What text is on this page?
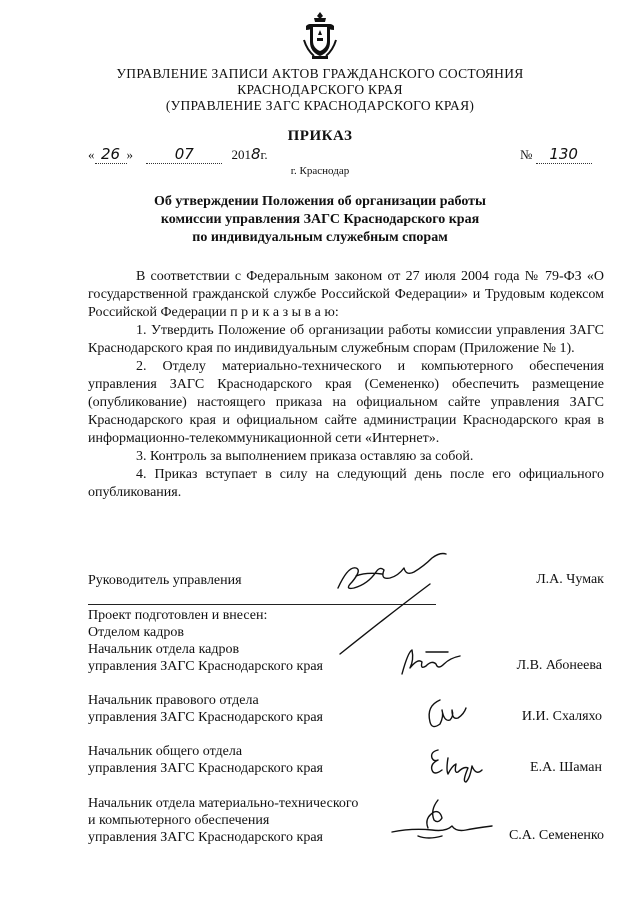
УПРАВЛЕНИЕ ЗАПИСИ АКТОВ ГРАЖДАНСКОГО СОСТОЯНИЯ
КРАСНОДАРСКОГО КРАЯ
(УПРАВЛЕНИЕ ЗАГС КРАСНОДАРСКОГО КРАЯ)
ПРИКАЗ
« 26 »	07	2018г.
г. Краснодар
№ 130
Об утверждении Положения об организации работы
комиссии управления ЗАГС Краснодарского края
по индивидуальным служебным спорам

В соответствии с Федеральным законом от 27 июля 2004 года № 79-ФЗ «О государственной гражданской службе Российской Федерации» и Трудовым кодексом Российской Федерации п р и к а з ы в а ю:

1. Утвердить Положение об организации работы комиссии управления ЗАГС Краснодарского края по индивидуальным служебным спорам (Приложение № 1).

2. Отделу материально-технического и компьютерного обеспечения управления ЗАГС Краснодарского края (Семененко) обеспечить размещение (опубликование) настоящего приказа на официальном сайте управления ЗАГС Краснодарского края и официальном сайте администрации Краснодарского края в информационно-телекоммуникационной сети «Интернет».

3. Контроль за выполнением приказа оставляю за собой.

4. Приказ вступает в силу на следующий день после его официального опубликования.

Руководитель управления	Л.А. Чумак
Проект подготовлен и внесен:
Отделом кадров
Начальник отдела кадров
управления ЗАГС Краснодарского края	Л.В. Абонеева
Начальник правового отдела
управления ЗАГС Краснодарского края	И.И. Схаляхо
Начальник общего отдела
управления ЗАГС Краснодарского края	Е.А. Шаман
Начальник отдела материально-технического
и компьютерного обеспечения
управления ЗАГС Краснодарского края	С.А. Семененко
